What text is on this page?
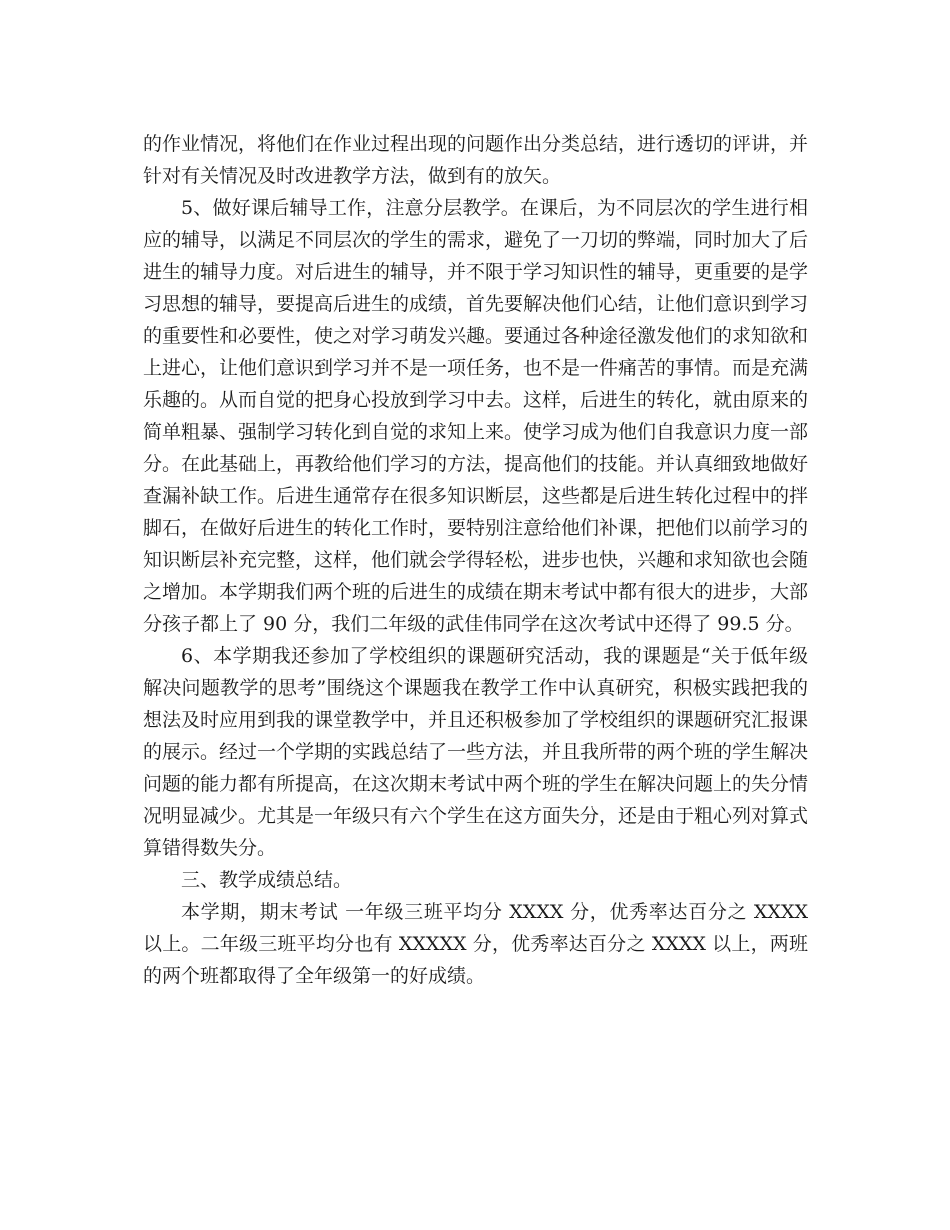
的作业情况，将他们在作业过程出现的问题作出分类总结，进行透切的评讲，并针对有关情况及时改进教学方法，做到有的放矢。

5、做好课后辅导工作，注意分层教学。在课后，为不同层次的学生进行相应的辅导，以满足不同层次的学生的需求，避免了一刀切的弊端，同时加大了后进生的辅导力度。对后进生的辅导，并不限于学习知识性的辅导，更重要的是学习思想的辅导，要提高后进生的成绩，首先要解决他们心结，让他们意识到学习的重要性和必要性，使之对学习萌发兴趣。要通过各种途径激发他们的求知欲和上进心，让他们意识到学习并不是一项任务，也不是一件痛苦的事情。而是充满乐趣的。从而自觉的把身心投放到学习中去。这样，后进生的转化，就由原来的简单粗暴、强制学习转化到自觉的求知上来。使学习成为他们自我意识力度一部分。在此基础上，再教给他们学习的方法，提高他们的技能。并认真细致地做好查漏补缺工作。后进生通常存在很多知识断层，这些都是后进生转化过程中的拌脚石，在做好后进生的转化工作时，要特别注意给他们补课，把他们以前学习的知识断层补充完整，这样，他们就会学得轻松，进步也快，兴趣和求知欲也会随之增加。本学期我们两个班的后进生的成绩在期末考试中都有很大的进步，大部分孩子都上了 90 分，我们二年级的武佳伟同学在这次考试中还得了 99.5 分。

6、本学期我还参加了学校组织的课题研究活动，我的课题是“关于低年级解决问题教学的思考”围绕这个课题我在教学工作中认真研究，积极实践把我的想法及时应用到我的课堂教学中，并且还积极参加了学校组织的课题研究汇报课的展示。经过一个学期的实践总结了一些方法，并且我所带的两个班的学生解决问题的能力都有所提高，在这次期末考试中两个班的学生在解决问题上的失分情况明显减少。尤其是一年级只有六个学生在这方面失分，还是由于粗心列对算式算错得数失分。

三、教学成绩总结。

本学期，期末考试 一年级三班平均分 XXXX 分，优秀率达百分之 XXXX 以上。二年级三班平均分也有 XXXXX 分，优秀率达百分之 XXXX 以上，两班的两个班都取得了全年级第一的好成绩。
